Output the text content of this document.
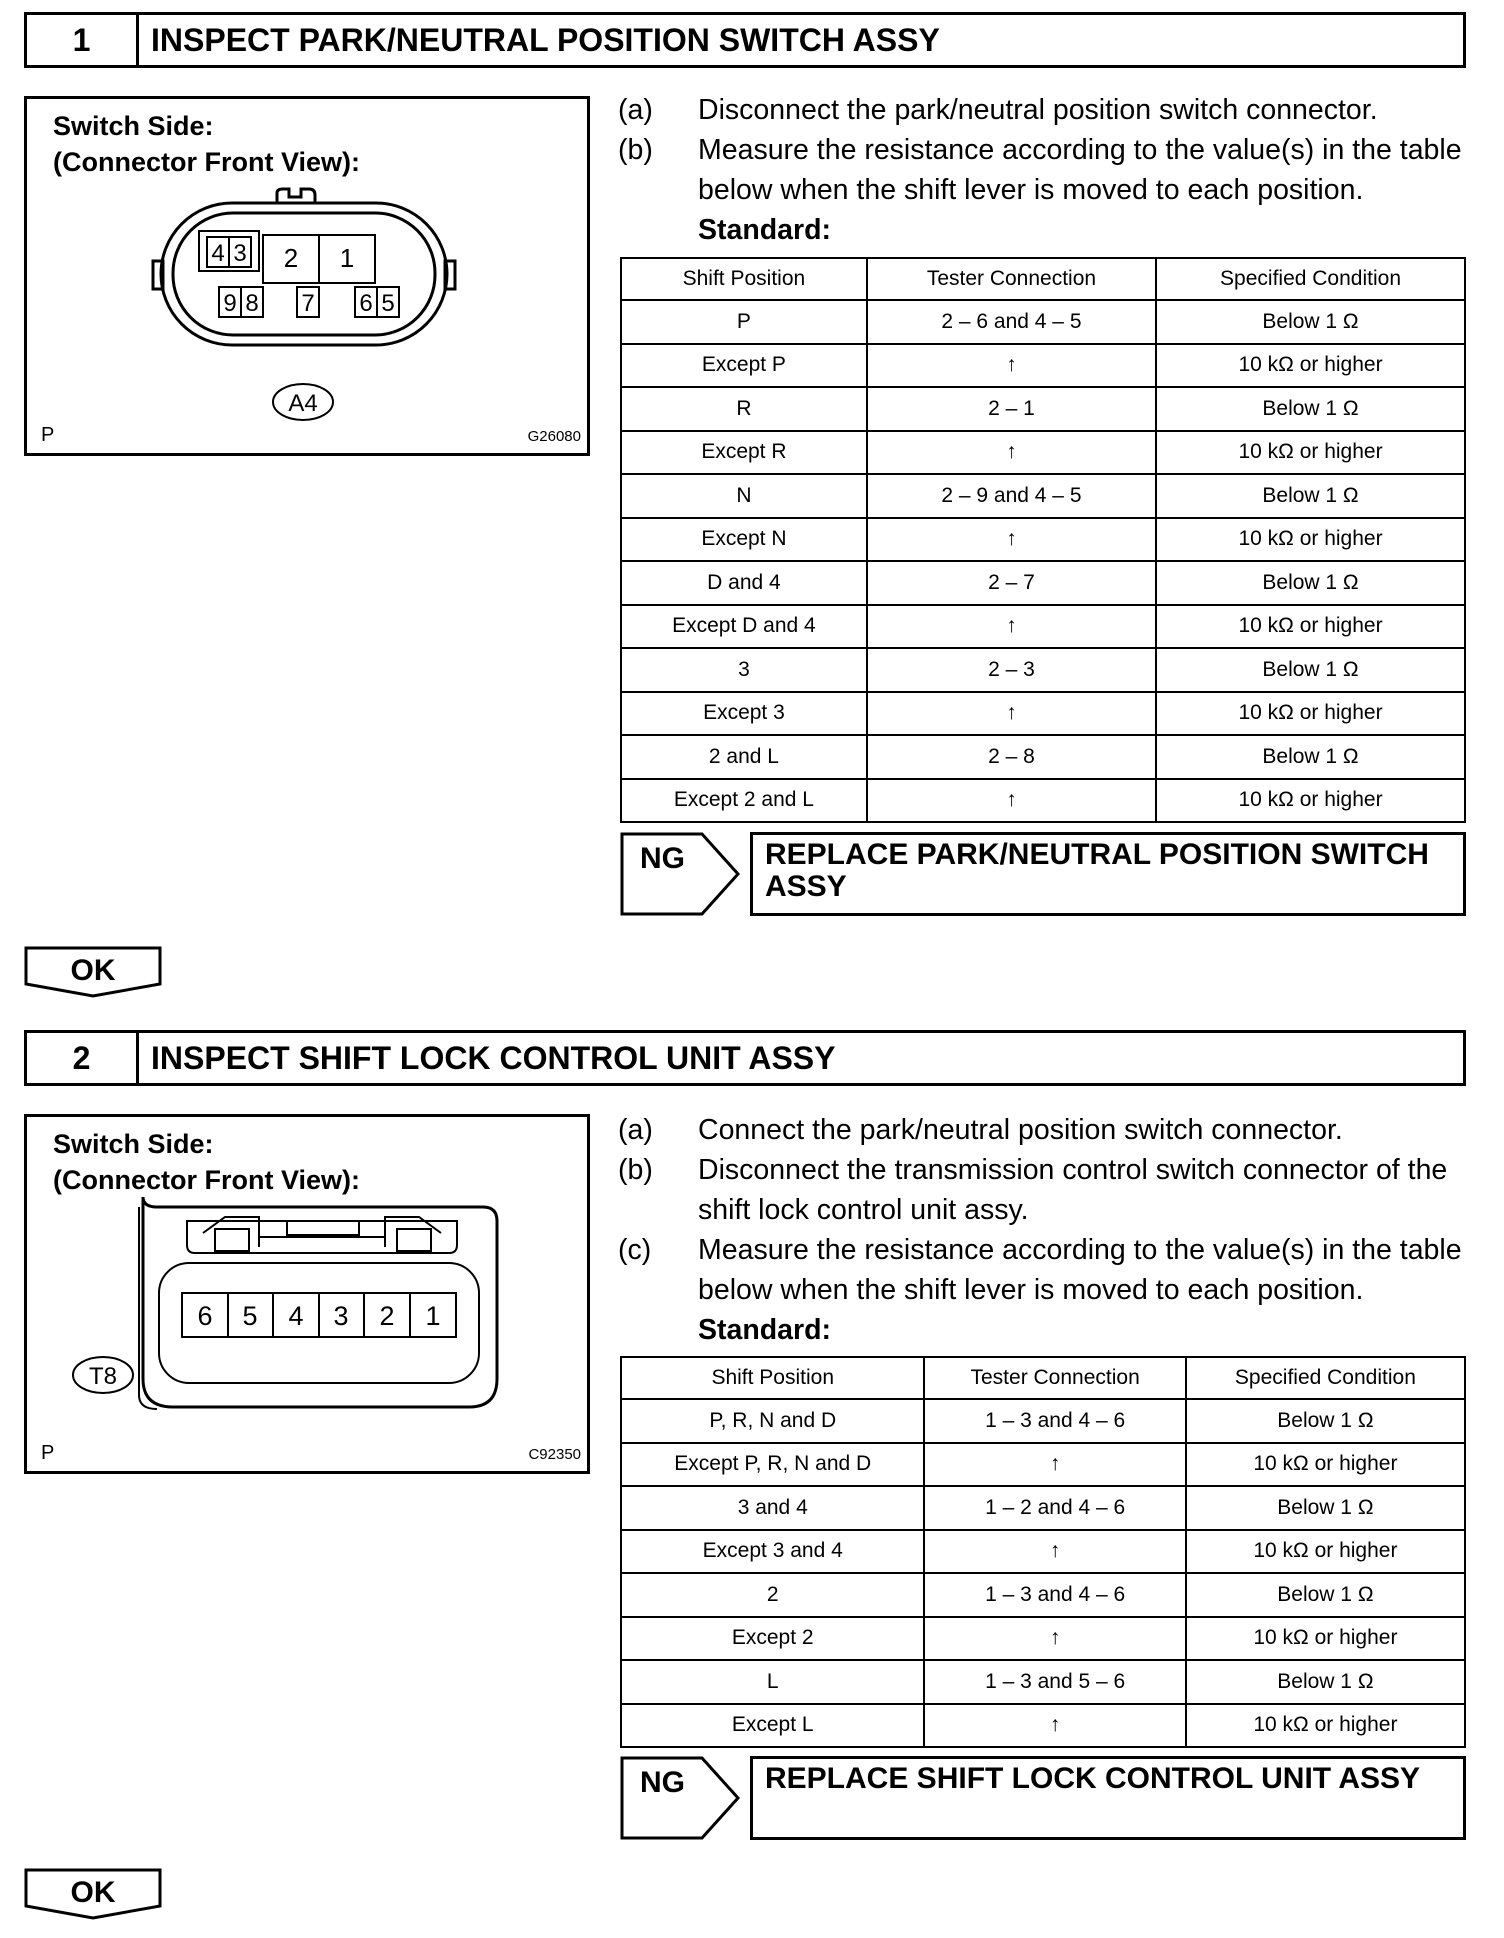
1	INSPECT PARK/NEUTRAL POSITION SWITCH ASSY
Switch Side:
(Connector Front View):
4 3 2 1
9 8 7 6 5
A4
P	G26080
(a)	Disconnect the park/neutral position switch connector.
(b)	Measure the resistance according to the value(s) in the table below when the shift lever is moved to each position.
Standard:
Shift Position	Tester Connection	Specified Condition
P	2 – 6 and 4 – 5	Below 1 Ω
Except P	↑	10 kΩ or higher
R	2 – 1	Below 1 Ω
Except R	↑	10 kΩ or higher
N	2 – 9 and 4 – 5	Below 1 Ω
Except N	↑	10 kΩ or higher
D and 4	2 – 7	Below 1 Ω
Except D and 4	↑	10 kΩ or higher
3	2 – 3	Below 1 Ω
Except 3	↑	10 kΩ or higher
2 and L	2 – 8	Below 1 Ω
Except 2 and L	↑	10 kΩ or higher
NG	REPLACE PARK/NEUTRAL POSITION SWITCH ASSY
OK
2	INSPECT SHIFT LOCK CONTROL UNIT ASSY
Switch Side:
(Connector Front View):
6 5 4 3 2 1
T8
P	C92350
(a)	Connect the park/neutral position switch connector.
(b)	Disconnect the transmission control switch connector of the shift lock control unit assy.
(c)	Measure the resistance according to the value(s) in the table below when the shift lever is moved to each position.
Standard:
Shift Position	Tester Connection	Specified Condition
P, R, N and D	1 – 3 and 4 – 6	Below 1 Ω
Except P, R, N and D	↑	10 kΩ or higher
3 and 4	1 – 2 and 4 – 6	Below 1 Ω
Except 3 and 4	↑	10 kΩ or higher
2	1 – 3 and 4 – 6	Below 1 Ω
Except 2	↑	10 kΩ or higher
L	1 – 3 and 5 – 6	Below 1 Ω
Except L	↑	10 kΩ or higher
NG	REPLACE SHIFT LOCK CONTROL UNIT ASSY
OK
